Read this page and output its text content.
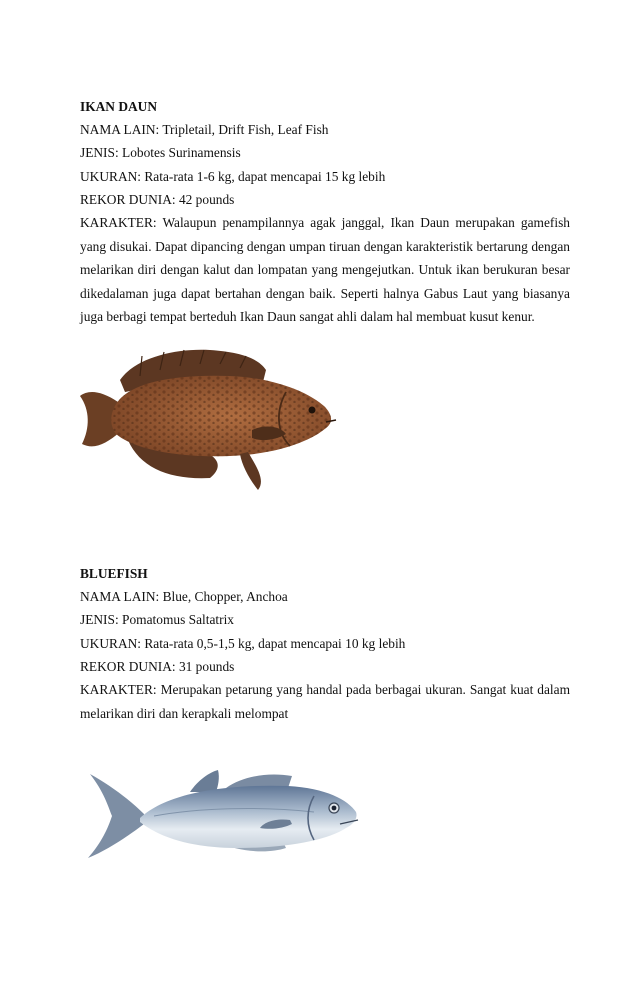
IKAN DAUN
NAMA LAIN: Tripletail, Drift Fish, Leaf Fish
JENIS: Lobotes Surinamensis
UKURAN: Rata-rata 1-6 kg, dapat mencapai 15 kg lebih
REKOR DUNIA: 42 pounds
KARAKTER: Walaupun penampilannya agak janggal, Ikan Daun merupakan gamefish yang disukai. Dapat dipancing dengan umpan tiruan dengan karakteristik bertarung dengan melarikan diri dengan kalut dan lompatan yang mengejutkan. Untuk ikan berukuran besar dikedalaman juga dapat bertahan dengan baik. Seperti halnya Gabus Laut yang biasanya juga berbagi tempat berteduh Ikan Daun sangat ahli dalam hal membuat kusut kenur.
BLUEFISH
NAMA LAIN: Blue, Chopper, Anchoa
JENIS: Pomatomus Saltatrix
UKURAN: Rata-rata 0,5-1,5 kg, dapat mencapai 10 kg lebih
REKOR DUNIA: 31 pounds
KARAKTER: Merupakan petarung yang handal pada berbagai ukuran. Sangat kuat dalam melarikan diri dan kerapkali melompat
